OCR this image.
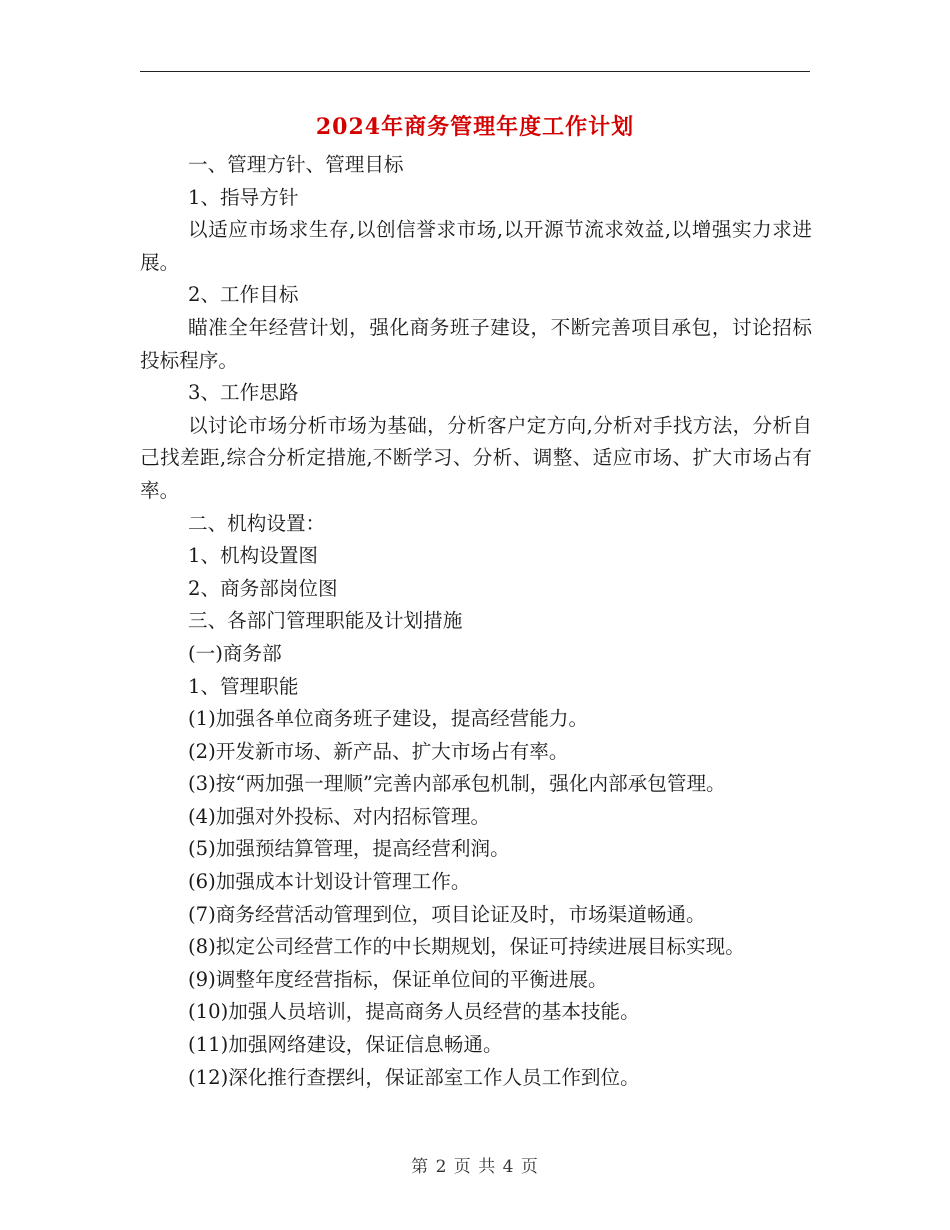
2024年商务管理年度工作计划

一、管理方针、管理目标

1、指导方针

以适应市场求生存,以创信誉求市场,以开源节流求效益,以增强实力求进展。

2、工作目标

瞄准全年经营计划，强化商务班子建设，不断完善项目承包，讨论招标投标程序。

3、工作思路

以讨论市场分析市场为基础，分析客户定方向,分析对手找方法，分析自己找差距,综合分析定措施,不断学习、分析、调整、适应市场、扩大市场占有率。

二、机构设置：

1、机构设置图

2、商务部岗位图

三、各部门管理职能及计划措施

(一)商务部

1、管理职能

(1)加强各单位商务班子建设，提高经营能力。

(2)开发新市场、新产品、扩大市场占有率。

(3)按“两加强一理顺”完善内部承包机制，强化内部承包管理。

(4)加强对外投标、对内招标管理。

(5)加强预结算管理，提高经营利润。

(6)加强成本计划设计管理工作。

(7)商务经营活动管理到位，项目论证及时，市场渠道畅通。

(8)拟定公司经营工作的中长期规划，保证可持续进展目标实现。

(9)调整年度经营指标，保证单位间的平衡进展。

(10)加强人员培训，提高商务人员经营的基本技能。

(11)加强网络建设，保证信息畅通。

(12)深化推行查摆纠，保证部室工作人员工作到位。

第 2 页 共 4 页
